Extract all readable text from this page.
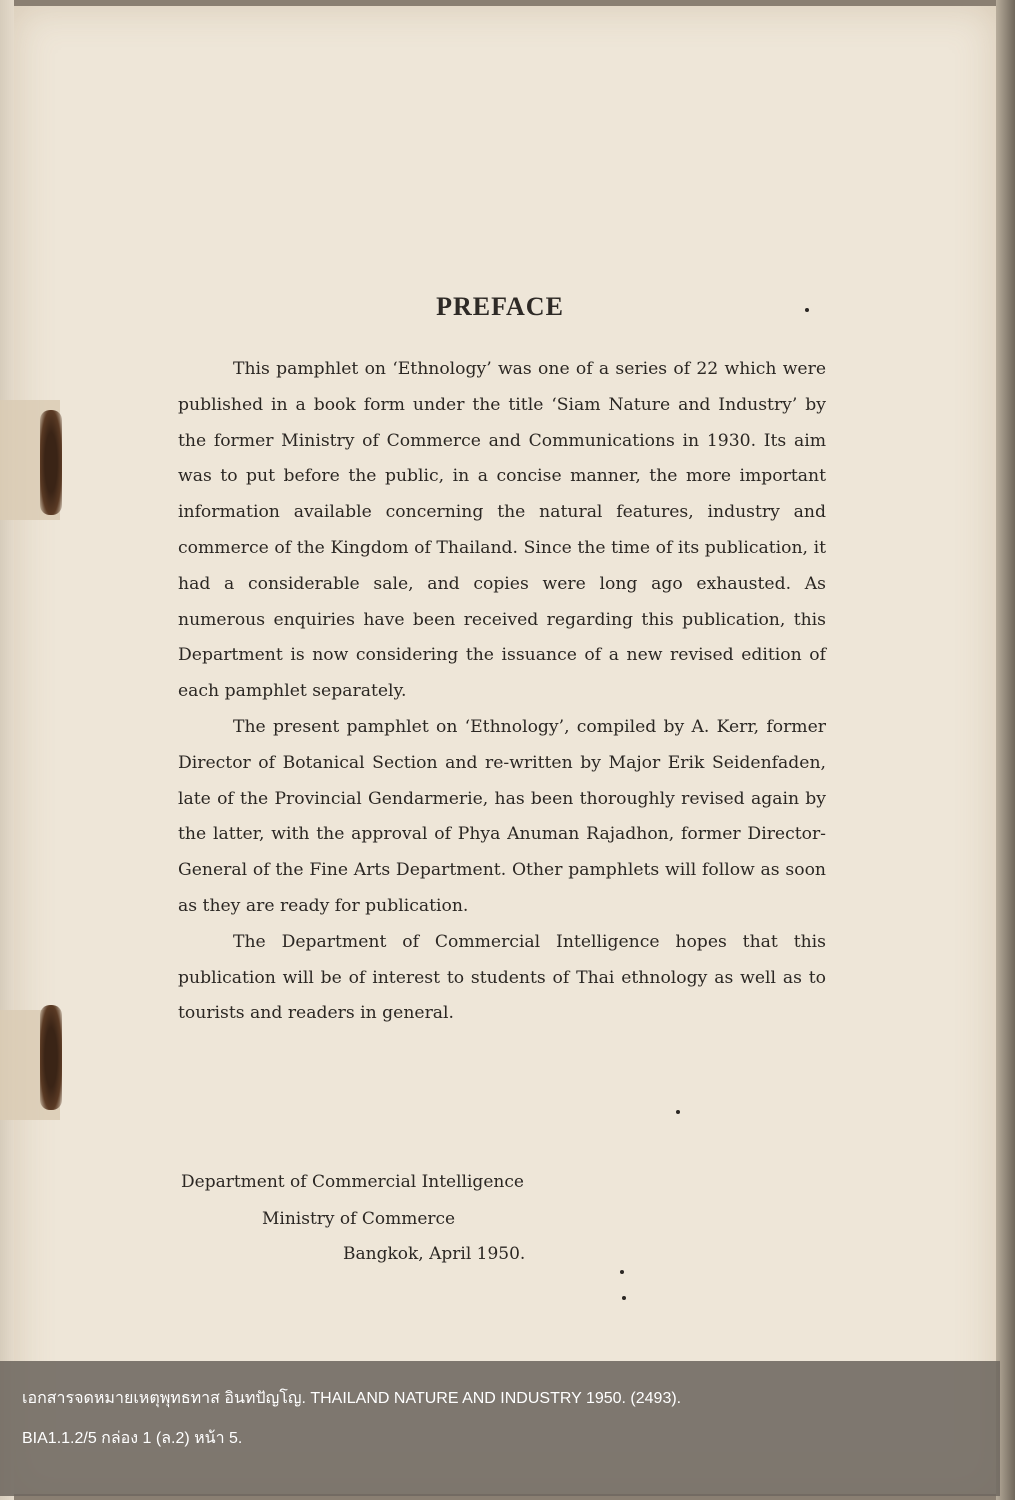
PREFACE

This pamphlet on ‘Ethnology’ was one of a series of 22 which were published in a book form under the title ‘Siam Nature and Industry’ by the former Ministry of Commerce and Communications in 1930. Its aim was to put before the public, in a concise manner, the more important information available concerning the natural features, industry and commerce of the Kingdom of Thailand. Since the time of its publication, it had a considerable sale, and copies were long ago exhausted. As numerous enquiries have been received regarding this publication, this Department is now considering the issuance of a new revised edition of each pamphlet separately.

The present pamphlet on ‘Ethnology’, compiled by A. Kerr, former Director of Botanical Section and re-written by Major Erik Seidenfaden, late of the Provincial Gendarmerie, has been thoroughly revised again by the latter, with the approval of Phya Anuman Rajadhon, former Director-General of the Fine Arts Department. Other pamphlets will follow as soon as they are ready for publication.

The Department of Commercial Intelligence hopes that this publication will be of interest to students of Thai ethnology as well as to tourists and readers in general.

Department of Commercial Intelligence
Ministry of Commerce
Bangkok, April 1950.
เอกสารจดหมายเหตุพุทธทาส อินทปัญโญ. THAILAND NATURE AND INDUSTRY 1950. (2493).
BIA1.1.2/5 กล่อง 1 (ล.2) หน้า 5.
